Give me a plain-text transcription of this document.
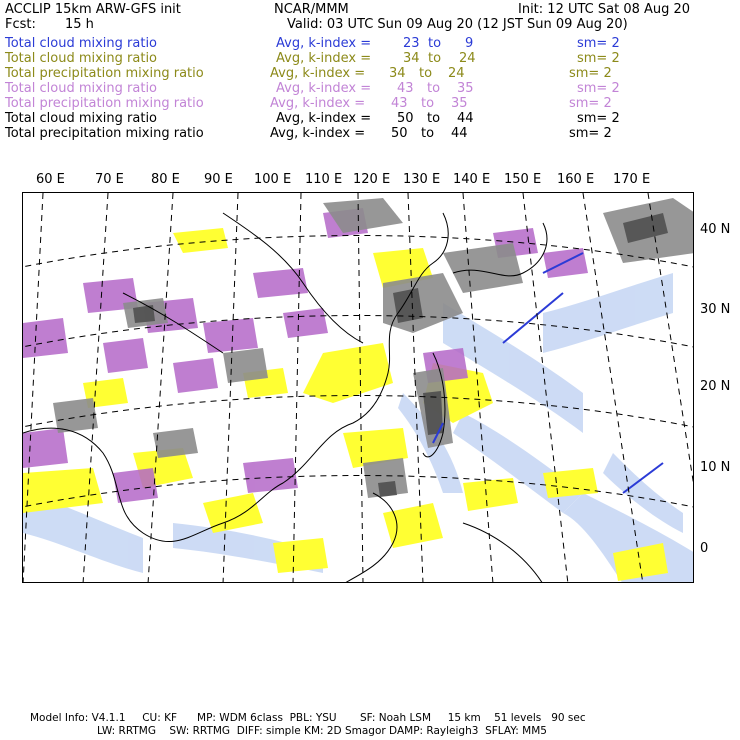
ACCLIP 15km ARW-GFS init	NCAR/MMM	Init: 12 UTC Sat 08 Aug 20
Fcst: 15 h	Valid: 03 UTC Sun 09 Aug 20 (12 JST Sun 09 Aug 20)
Total cloud mixing ratio	Avg, k-index = 23 to 9	sm= 2
Total cloud mixing ratio	Avg, k-index = 34 to 24	sm= 2
Total precipitation mixing ratio	Avg, k-index = 34 to 24	sm= 2
Total cloud mixing ratio	Avg, k-index = 43 to 35	sm= 2
Total precipitation mixing ratio	Avg, k-index = 43 to 35	sm= 2
Total cloud mixing ratio	Avg, k-index = 50 to 44	sm= 2
Total precipitation mixing ratio	Avg, k-index = 50 to 44	sm= 2
60 E 70 E 80 E 90 E 100 E 110 E 120 E 130 E 140 E 150 E 160 E 170 E
40 N
30 N
20 N
10 N
0
Model Info: V4.1.1     CU: KF      MP: WDM 6class  PBL: YSU       SF: Noah LSM     15 km    51 levels   90 sec
LW: RRTMG    SW: RRTMG  DIFF: simple KM: 2D Smagor DAMP: Rayleigh3  SFLAY: MM5
